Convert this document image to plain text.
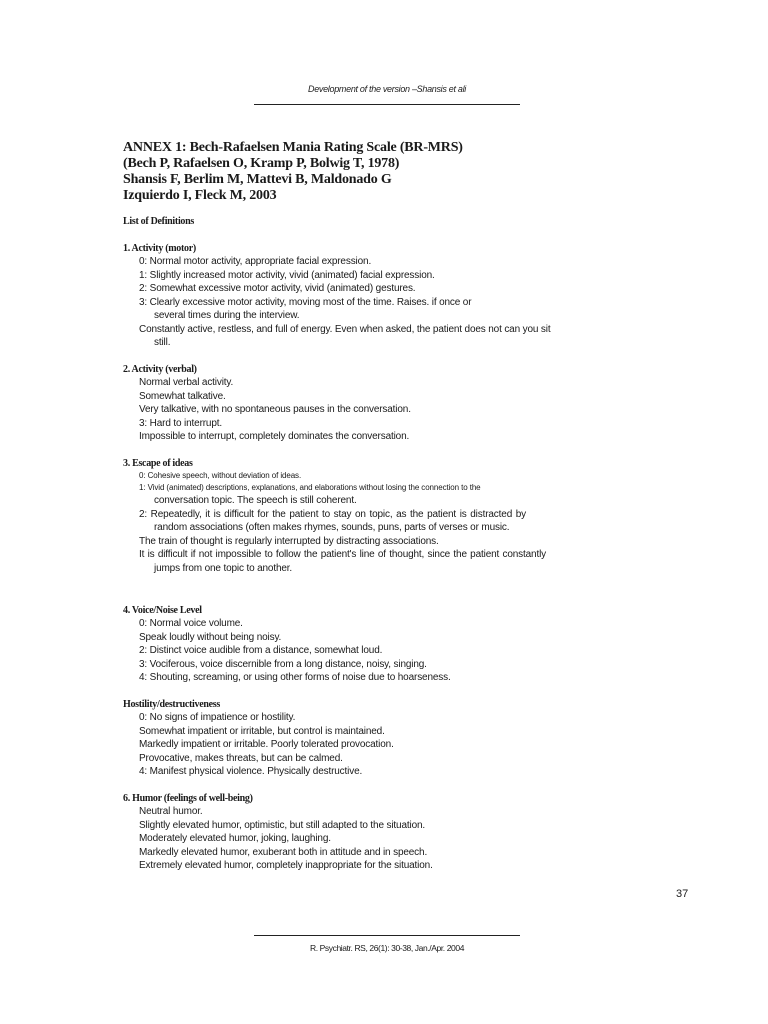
Development of the version –Shansis et ali
ANNEX 1: Bech-Rafaelsen Mania Rating Scale (BR-MRS)
(Bech P, Rafaelsen O, Kramp P, Bolwig T, 1978)
Shansis F, Berlim M, Mattevi B, Maldonado G
Izquierdo I, Fleck M, 2003
List of Definitions
1. Activity (motor)
0: Normal motor activity, appropriate facial expression.
1: Slightly increased motor activity, vivid (animated) facial expression.
2: Somewhat excessive motor activity, vivid (animated) gestures.
3: Clearly excessive motor activity, moving most of the time. Raises. if once or several times during the interview.
Constantly active, restless, and full of energy. Even when asked, the patient does not can you sit still.
2. Activity (verbal)
Normal verbal activity.
Somewhat talkative.
Very talkative, with no spontaneous pauses in the conversation.
3: Hard to interrupt.
Impossible to interrupt, completely dominates the conversation.
3. Escape of ideas
0: Cohesive speech, without deviation of ideas.
1: Vivid (animated) descriptions, explanations, and elaborations without losing the connection to the
conversation topic. The speech is still coherent.
2: Repeatedly, it is difficult for the patient to stay on topic, as the patient is distracted by random associations (often makes rhymes, sounds, puns, parts of verses or music.
The train of thought is regularly interrupted by distracting associations.
It is difficult if not impossible to follow the patient's line of thought, since the patient constantly jumps from one topic to another.
4. Voice/Noise Level
0: Normal voice volume.
Speak loudly without being noisy.
2: Distinct voice audible from a distance, somewhat loud.
3: Vociferous, voice discernible from a long distance, noisy, singing.
4: Shouting, screaming, or using other forms of noise due to hoarseness.
Hostility/destructiveness
0: No signs of impatience or hostility.
Somewhat impatient or irritable, but control is maintained.
Markedly impatient or irritable. Poorly tolerated provocation.
Provocative, makes threats, but can be calmed.
4: Manifest physical violence. Physically destructive.
6. Humor (feelings of well-being)
Neutral humor.
Slightly elevated humor, optimistic, but still adapted to the situation.
Moderately elevated humor, joking, laughing.
Markedly elevated humor, exuberant both in attitude and in speech.
Extremely elevated humor, completely inappropriate for the situation.
37
R. Psychiatr. RS, 26(1): 30-38, Jan./Apr. 2004
